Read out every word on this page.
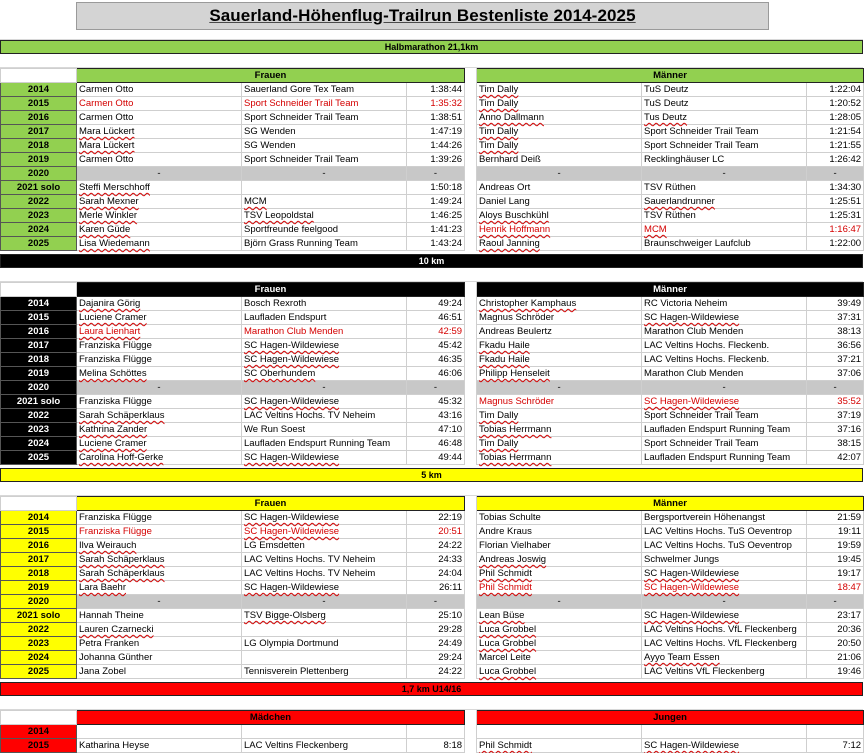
Sauerland-Höhenflug-Trailrun Bestenliste 2014-2025
Halbmarathon 21,1km
	Frauen				Männer		
2014	Carmen Otto	Sauerland Gore Tex Team	1:38:44		Tim Dally	TuS Deutz	1:22:04
2015	Carmen Otto	Sport Schneider Trail Team	1:35:32		Tim Dally	TuS Deutz	1:20:52
2016	Carmen Otto	Sport Schneider Trail Team	1:38:51		Anno Dallmann	Tus Deutz	1:28:05
2017	Mara Lückert	SG Wenden	1:47:19		Tim Dally	Sport Schneider Trail Team	1:21:54
2018	Mara Lückert	SG Wenden	1:44:26		Tim Dally	Sport Schneider Trail Team	1:21:55
2019	Carmen Otto	Sport Schneider Trail Team	1:39:26		Bernhard Deiß	Recklinghäuser LC	1:26:42
2020	-	-	-		-	-	-
2021 solo	Steffi Merschhoff		1:50:18		Andreas Ort	TSV Rüthen	1:34:30
2022	Sarah Mexner	MCM	1:49:24		Daniel Lang	Sauerlandrunner	1:25:51
2023	Merle Winkler	TSV Leopoldstal	1:46:25		Aloys Buschkühl	TSV Rüthen	1:25:31
2024	Karen Güde	Sportfreunde feelgood	1:41:23		Henrik Hoffmann	MCM	1:16:47
2025	Lisa Wiedemann	Björn Grass Running Team	1:43:24		Raoul Janning	Braunschweiger Laufclub	1:22:00
10 km
	Frauen				Männer		
2014	Dajanira Görig	Bosch Rexroth	49:24		Christopher Kamphaus	RC Victoria Neheim	39:49
2015	Luciene Cramer	Laufladen Endspurt	46:51		Magnus Schröder	SC Hagen-Wildewiese	37:31
2016	Laura Lienhart	Marathon Club Menden	42:59		Andreas Beulertz	Marathon Club Menden	38:13
2017	Franziska Flügge	SC Hagen-Wildewiese	45:42		Fkadu Haile	LAC Veltins Hochs. Fleckenb.	36:56
2018	Franziska Flügge	SC Hagen-Wildewiese	46:35		Fkadu Haile	LAC Veltins Hochs. Fleckenb.	37:21
2019	Melina Schöttes	SC Oberhundem	46:06		Philipp Henseleit	Marathon Club Menden	37:06
2020	-	-	-		-	-	-
2021 solo	Franziska Flügge	SC Hagen-Wildewiese	45:32		Magnus Schröder	SC Hagen-Wildewiese	35:52
2022	Sarah Schäperklaus	LAC Veltins Hochs. TV Neheim	43:16		Tim Dally	Sport Schneider Trail Team	37:19
2023	Kathrina Zander	We Run Soest	47:10		Tobias Herrmann	Laufladen Endspurt Running Team	37:16
2024	Luciene Cramer	Laufladen Endspurt Running Team	46:48		Tim Dally	Sport Schneider Trail Team	38:15
2025	Carolina Hoff-Gerke	SC Hagen-Wildewiese	49:44		Tobias Herrmann	Laufladen Endspurt Running Team	42:07
5 km
	Frauen				Männer		
2014	Franziska Flügge	SC Hagen-Wildewiese	22:19		Tobias Schulte	Bergsportverein Höhenangst	21:59
2015	Franziska Flügge	SC Hagen-Wildewiese	20:51		Andre Kraus	LAC Veltins Hochs. TuS Oeventrop	19:11
2016	Ilva Weirauch	LG Emsdetten	24:22		Florian Vielhaber	LAC Veltins Hochs. TuS Oeventrop	19:59
2017	Sarah Schäperklaus	LAC Veltins Hochs. TV Neheim	24:33		Andreas Joswig	Schwelmer Jungs	19:45
2018	Sarah Schäperklaus	LAC Veltins Hochs. TV Neheim	24:04		Phil Schmidt	SC Hagen-Wildewiese	19:17
2019	Lara Baehr	SC Hagen-Wildewiese	26:11		Phil Schmidt	SC Hagen-Wildewiese	18:47
2020	-	-	-		-	-	-
2021 solo	Hannah Theine	TSV Bigge-Olsberg	25:10		Lean Büse	SC Hagen-Wildewiese	23:17
2022	Lauren Czarnecki		29:28		Luca Grobbel	LAC Veltins Hochs. VfL Fleckenberg	20:36
2023	Petra Franken	LG Olympia Dortmund	24:49		Luca Grobbel	LAC Veltins Hochs. VfL Fleckenberg	20:50
2024	Johanna Günther		29:24		Marcel Leite	Ayyo Team Essen	21:06
2025	Jana Zobel	Tennisverein Plettenberg	24:22		Luca Grobbel	LAC Veltins VfL Fleckenberg	19:46
1,7 km U14/16
	Mädchen				Jungen		
2014							
2015	Katharina Heyse	LAC Veltins Fleckenberg	8:18		Phil Schmidt	SC Hagen-Wildewiese	7:12
